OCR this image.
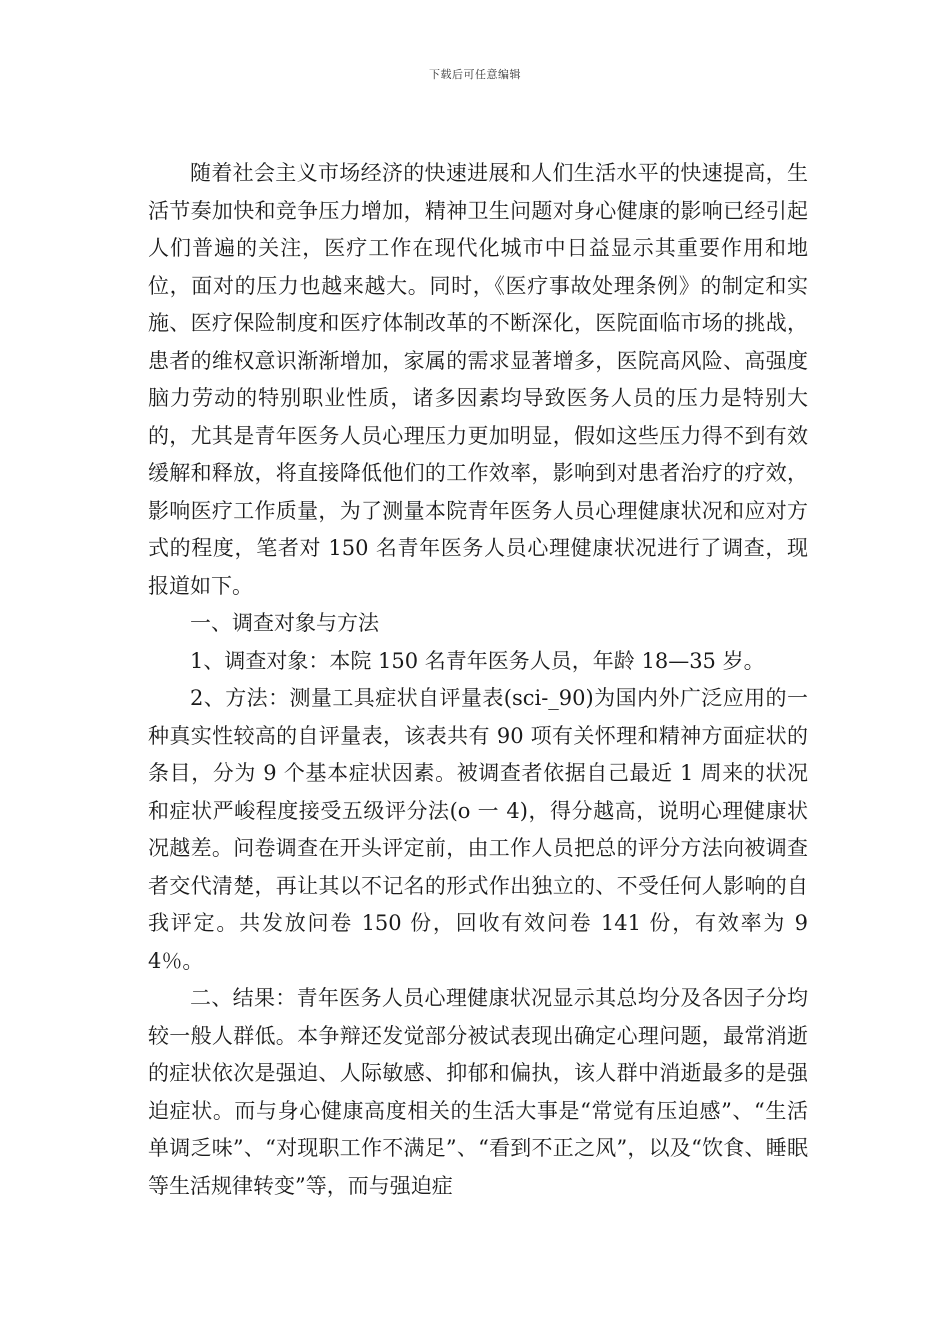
下载后可任意编辑

随着社会主义市场经济的快速进展和人们生活水平的快速提高，生活节奏加快和竞争压力增加，精神卫生问题对身心健康的影响已经引起人们普遍的关注，医疗工作在现代化城市中日益显示其重要作用和地位，面对的压力也越来越大。同时，《医疗事故处理条例》的制定和实施、医疗保险制度和医疗体制改革的不断深化，医院面临市场的挑战，患者的维权意识渐渐增加，家属的需求显著增多，医院高风险、高强度脑力劳动的特别职业性质，诸多因素均导致医务人员的压力是特别大的，尤其是青年医务人员心理压力更加明显，假如这些压力得不到有效缓解和释放，将直接降低他们的工作效率，影响到对患者治疗的疗效，影响医疗工作质量，为了测量本院青年医务人员心理健康状况和应对方式的程度，笔者对 150 名青年医务人员心理健康状况进行了调查，现报道如下。

一、调查对象与方法

1、调查对象：本院 150 名青年医务人员，年龄 18—35 岁。

2、方法：测量工具症状自评量表(sci-_90)为国内外广泛应用的一种真实性较高的自评量表，该表共有 90 项有关怀理和精神方面症状的条目，分为 9 个基本症状因素。被调查者依据自己最近 1 周来的状况和症状严峻程度接受五级评分法(o 一 4)，得分越高，说明心理健康状况越差。问卷调查在开头评定前，由工作人员把总的评分方法向被调查者交代清楚，再让其以不记名的形式作出独立的、不受任何人影响的自我评定。共发放问卷 150 份，回收有效问卷 141 份，有效率为 94％。

二、结果：青年医务人员心理健康状况显示其总均分及各因子分均较一般人群低。本争辩还发觉部分被试表现出确定心理问题，最常消逝的症状依次是强迫、人际敏感、抑郁和偏执，该人群中消逝最多的是强迫症状。而与身心健康高度相关的生活大事是“常觉有压迫感”、“生活单调乏味”、“对现职工作不满足”、“看到不正之风”，以及“饮食、睡眠等生活规律转变”等，而与强迫症
